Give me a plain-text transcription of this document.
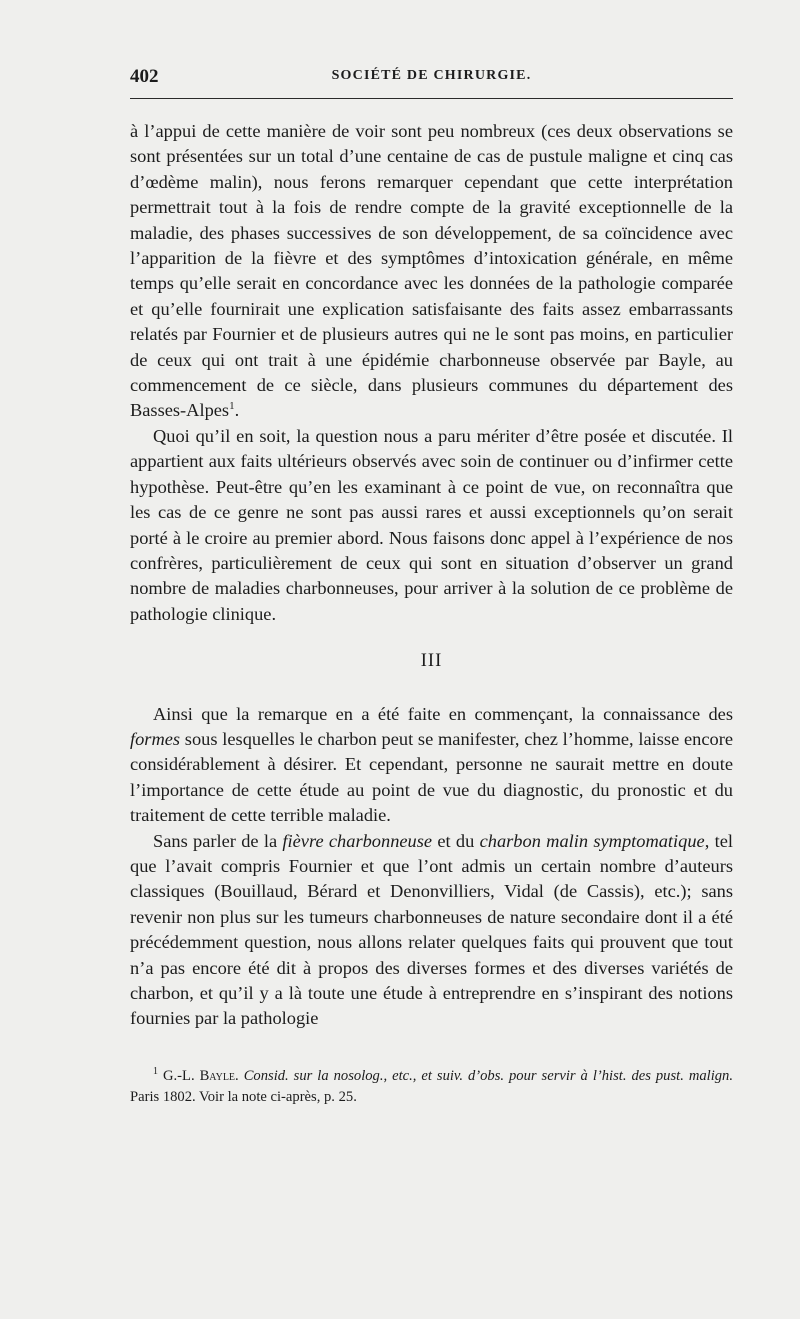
402	SOCIÉTÉ DE CHIRURGIE.

à l’appui de cette manière de voir sont peu nombreux (ces deux observations se sont présentées sur un total d’une centaine de cas de pustule maligne et cinq cas d’œdème malin), nous ferons remarquer cependant que cette interprétation permettrait tout à la fois de rendre compte de la gravité exceptionnelle de la maladie, des phases successives de son développement, de sa coïncidence avec l’apparition de la fièvre et des symptômes d’intoxication générale, en même temps qu’elle serait en concordance avec les données de la pathologie comparée et qu’elle fournirait une explication satisfaisante des faits assez embarrassants relatés par Fournier et de plusieurs autres qui ne le sont pas moins, en particulier de ceux qui ont trait à une épidémie charbonneuse observée par Bayle, au commencement de ce siècle, dans plusieurs communes du département des Basses-Alpes$^1$.

Quoi qu’il en soit, la question nous a paru mériter d’être posée et discutée. Il appartient aux faits ultérieurs observés avec soin de continuer ou d’infirmer cette hypothèse. Peut-être qu’en les examinant à ce point de vue, on reconnaîtra que les cas de ce genre ne sont pas aussi rares et aussi exceptionnels qu’on serait porté à le croire au premier abord. Nous faisons donc appel à l’expérience de nos confrères, particulièrement de ceux qui sont en situation d’observer un grand nombre de maladies charbonneuses, pour arriver à la solution de ce problème de pathologie clinique.

III

Ainsi que la remarque en a été faite en commençant, la connaissance des formes sous lesquelles le charbon peut se manifester, chez l’homme, laisse encore considérablement à désirer. Et cependant, personne ne saurait mettre en doute l’importance de cette étude au point de vue du diagnostic, du pronostic et du traitement de cette terrible maladie.

Sans parler de la fièvre charbonneuse et du charbon malin symptomatique, tel que l’avait compris Fournier et que l’ont admis un certain nombre d’auteurs classiques (Bouillaud, Bérard et Denonvilliers, Vidal (de Cassis), etc.); sans revenir non plus sur les tumeurs charbonneuses de nature secondaire dont il a été précédemment question, nous allons relater quelques faits qui prouvent que tout n’a pas encore été dit à propos des diverses formes et des diverses variétés de charbon, et qu’il y a là toute une étude à entreprendre en s’inspirant des notions fournies par la pathologie

$^1$ G.-L. Bayle. Consid. sur la nosolog., etc., et suiv. d’obs. pour servir à l’hist. des pust. malign. Paris 1802. Voir la note ci-après, p. 25.
